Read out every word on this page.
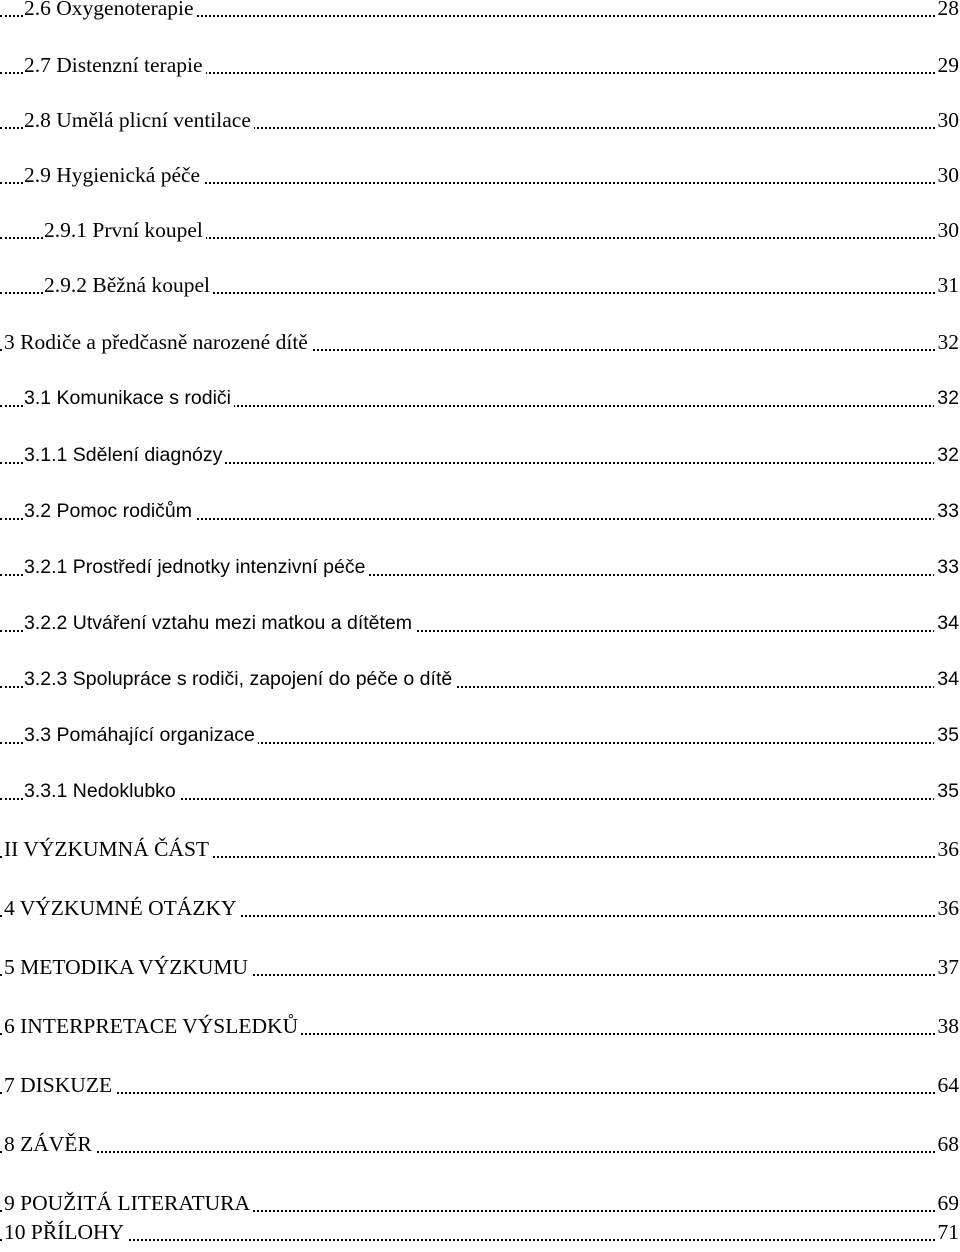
2.6 Oxygenoterapie	28
2.7 Distenzní terapie	29
2.8 Umělá plicní ventilace	30
2.9 Hygienická péče	30
2.9.1 První koupel	30
2.9.2 Běžná koupel	31
3 Rodiče a předčasně narozené dítě	32
3.1 Komunikace s rodiči	32
3.1.1 Sdělení diagnózy	32
3.2 Pomoc rodičům	33
3.2.1 Prostředí jednotky intenzivní péče	33
3.2.2 Utváření vztahu mezi matkou a dítětem	34
3.2.3 Spolupráce s rodiči, zapojení do péče o dítě	34
3.3 Pomáhající organizace	35
3.3.1 Nedoklubko	35
II VÝZKUMNÁ ČÁST	36
4 VÝZKUMNÉ OTÁZKY	36
5 METODIKA VÝZKUMU	37
6 INTERPRETACE VÝSLEDKŮ	38
7 DISKUZE	64
8 ZÁVĚR	68
9 POUŽITÁ LITERATURA	69
10 PŘÍLOHY	71
